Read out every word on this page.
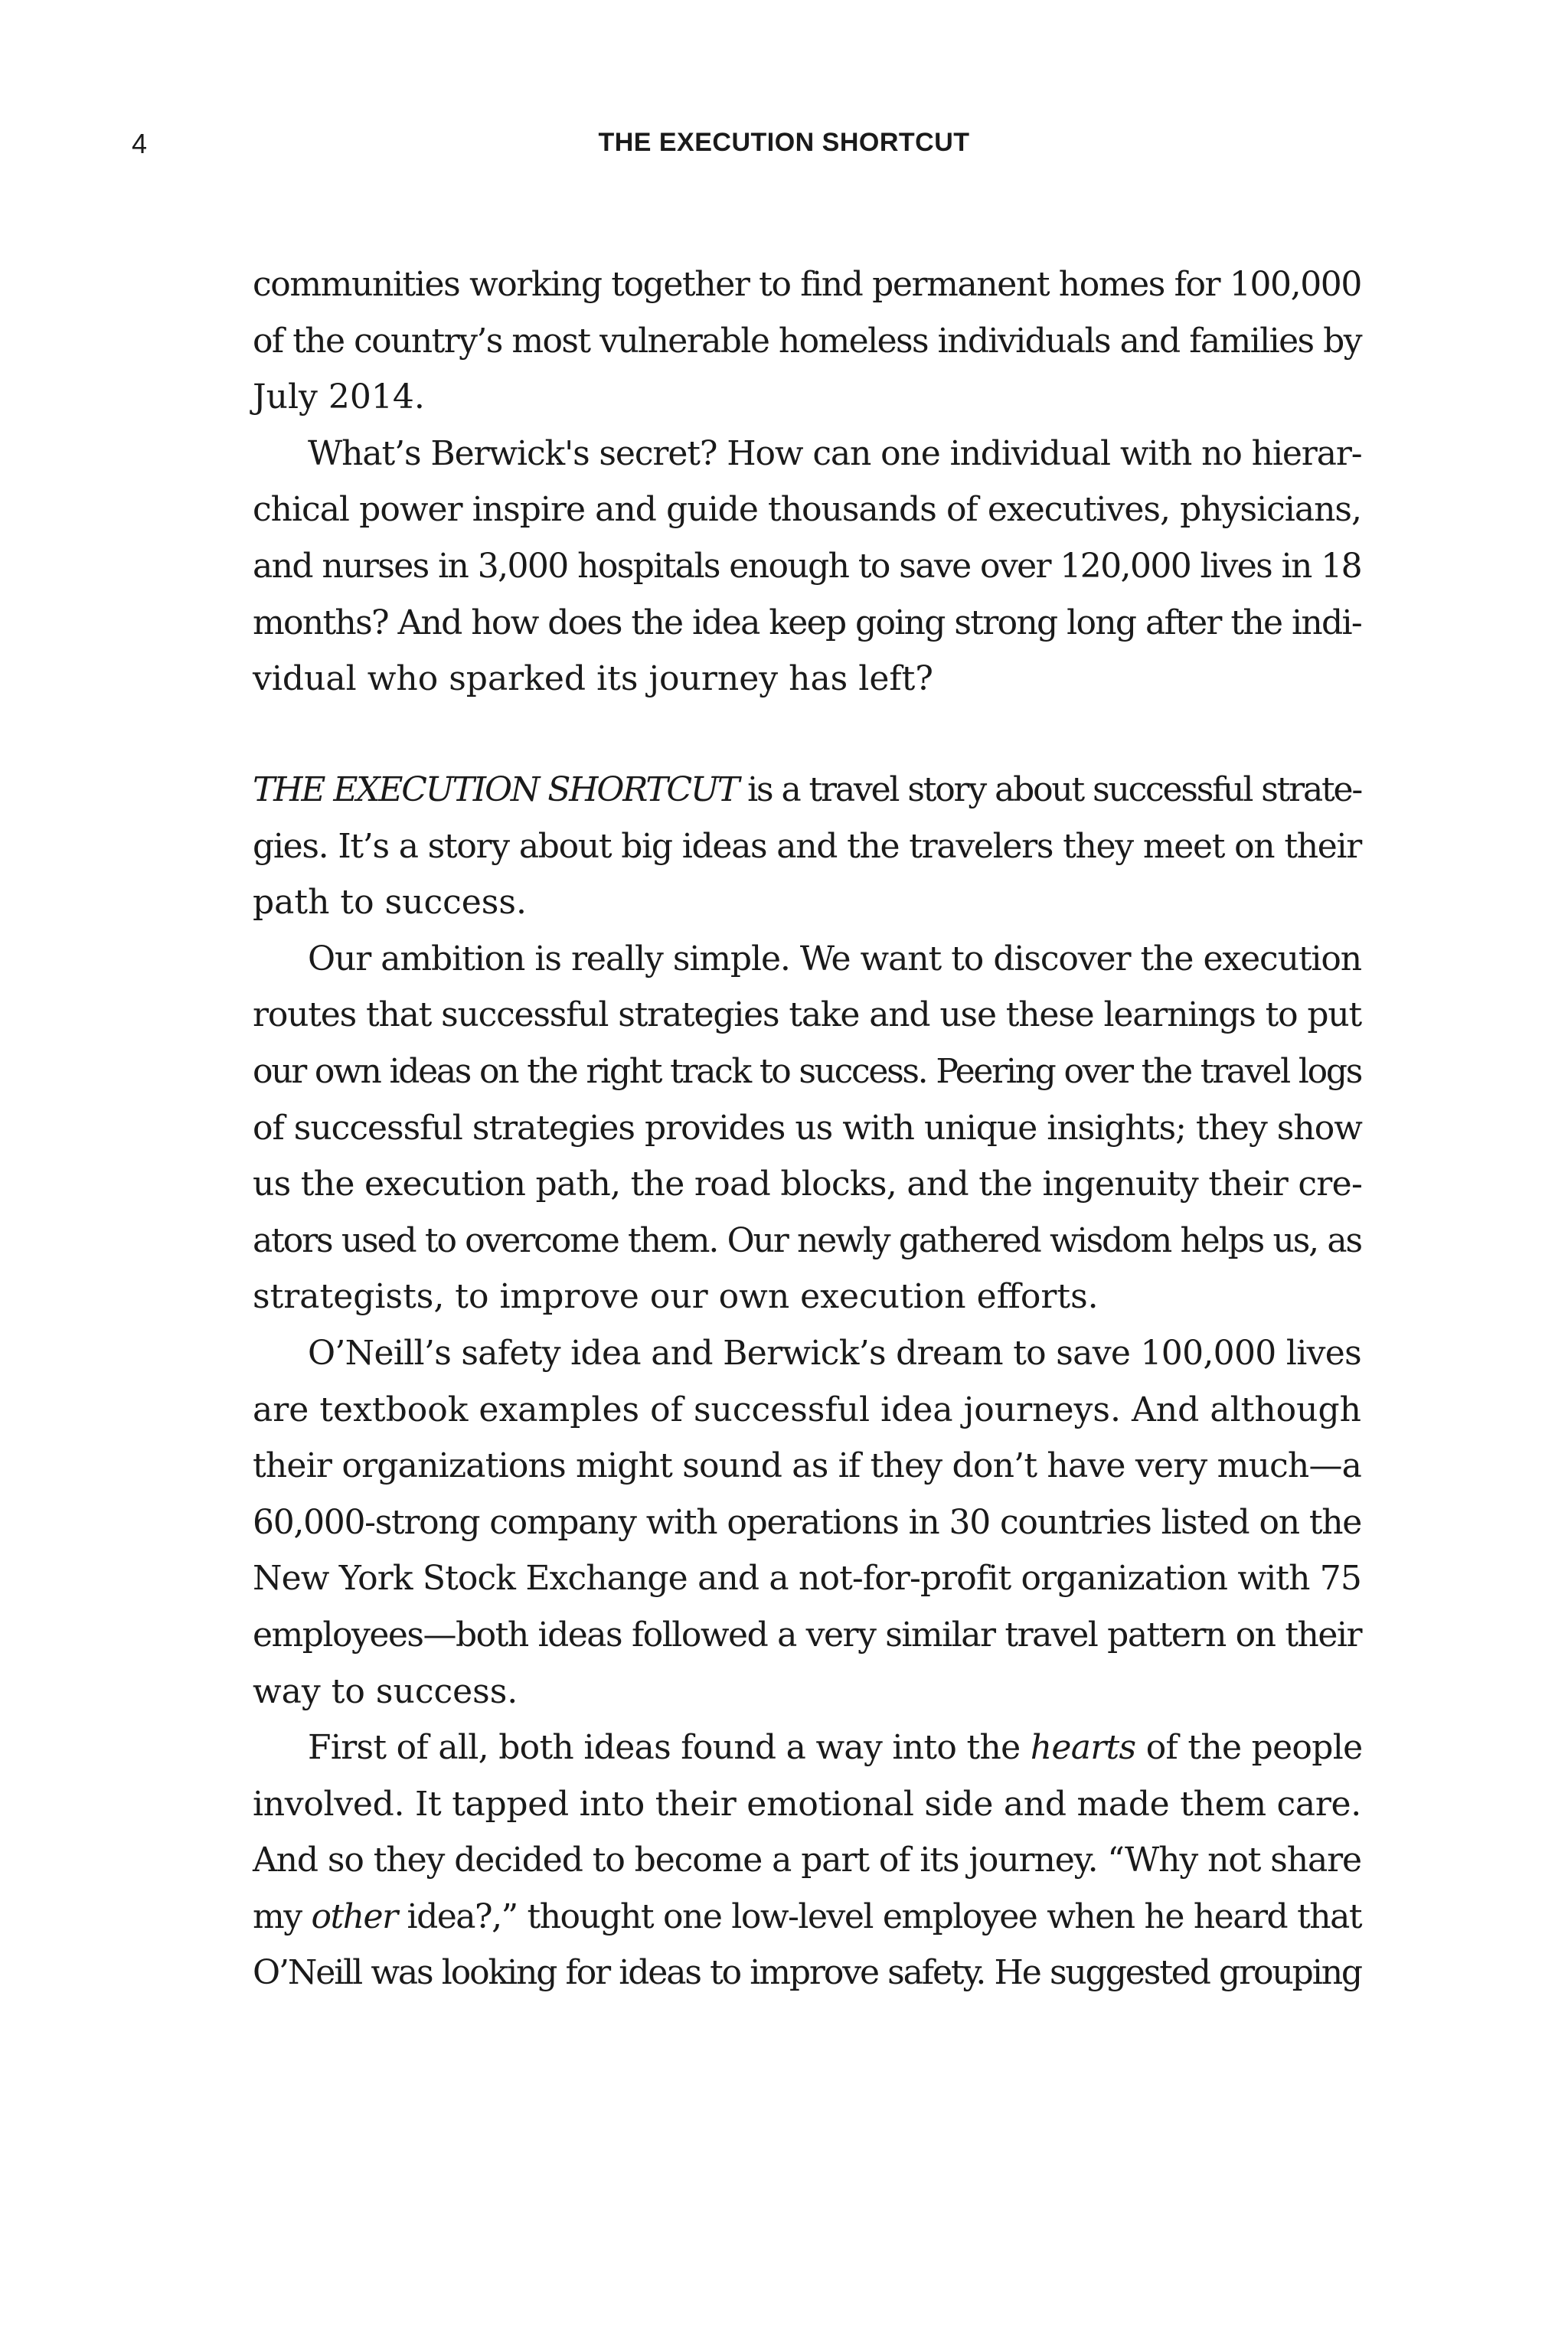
4	THE EXECUTION SHORTCUT
communities working together to find permanent homes for 100,000
of the country’s most vulnerable homeless individuals and families by
July 2014.
What’s Berwick's secret? How can one individual with no hierar-
chical power inspire and guide thousands of executives, physicians,
and nurses in 3,000 hospitals enough to save over 120,000 lives in 18
months? And how does the idea keep going strong long after the indi-
vidual who sparked its journey has left?
THE EXECUTION SHORTCUT is a travel story about successful strate-
gies. It’s a story about big ideas and the travelers they meet on their
path to success.
Our ambition is really simple. We want to discover the execution
routes that successful strategies take and use these learnings to put
our own ideas on the right track to success. Peering over the travel logs
of successful strategies provides us with unique insights; they show
us the execution path, the road blocks, and the ingenuity their cre-
ators used to overcome them. Our newly gathered wisdom helps us, as
strategists, to improve our own execution efforts.
O’Neill’s safety idea and Berwick’s dream to save 100,000 lives
are textbook examples of successful idea journeys. And although
their organizations might sound as if they don’t have very much—a
60,000-strong company with operations in 30 countries listed on the
New York Stock Exchange and a not-for-profit organization with 75
employees—both ideas followed a very similar travel pattern on their
way to success.
First of all, both ideas found a way into the hearts of the people
involved. It tapped into their emotional side and made them care.
And so they decided to become a part of its journey. “Why not share
my other idea?,” thought one low-level employee when he heard that
O’Neill was looking for ideas to improve safety. He suggested grouping
